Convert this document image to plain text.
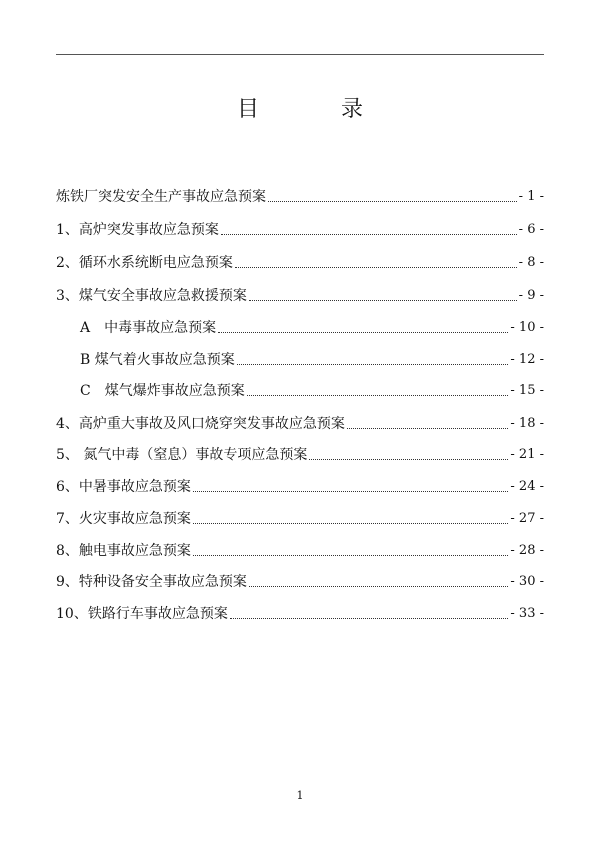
目	录
炼铁厂突发安全生产事故应急预案	- 1 -
1、高炉突发事故应急预案	- 6 -
2、循环水系统断电应急预案	- 8 -
3、煤气安全事故应急救援预案	- 9 -
A　中毒事故应急预案	- 10 -
B 煤气着火事故应急预案	- 12 -
C　煤气爆炸事故应急预案	- 15 -
4、高炉重大事故及风口烧穿突发事故应急预案	- 18 -
5、 氮气中毒（窒息）事故专项应急预案	- 21 -
6、中暑事故应急预案	- 24 -
7、火灾事故应急预案	- 27 -
8、触电事故应急预案	- 28 -
9、特种设备安全事故应急预案	- 30 -
10、铁路行车事故应急预案	- 33 -
1
